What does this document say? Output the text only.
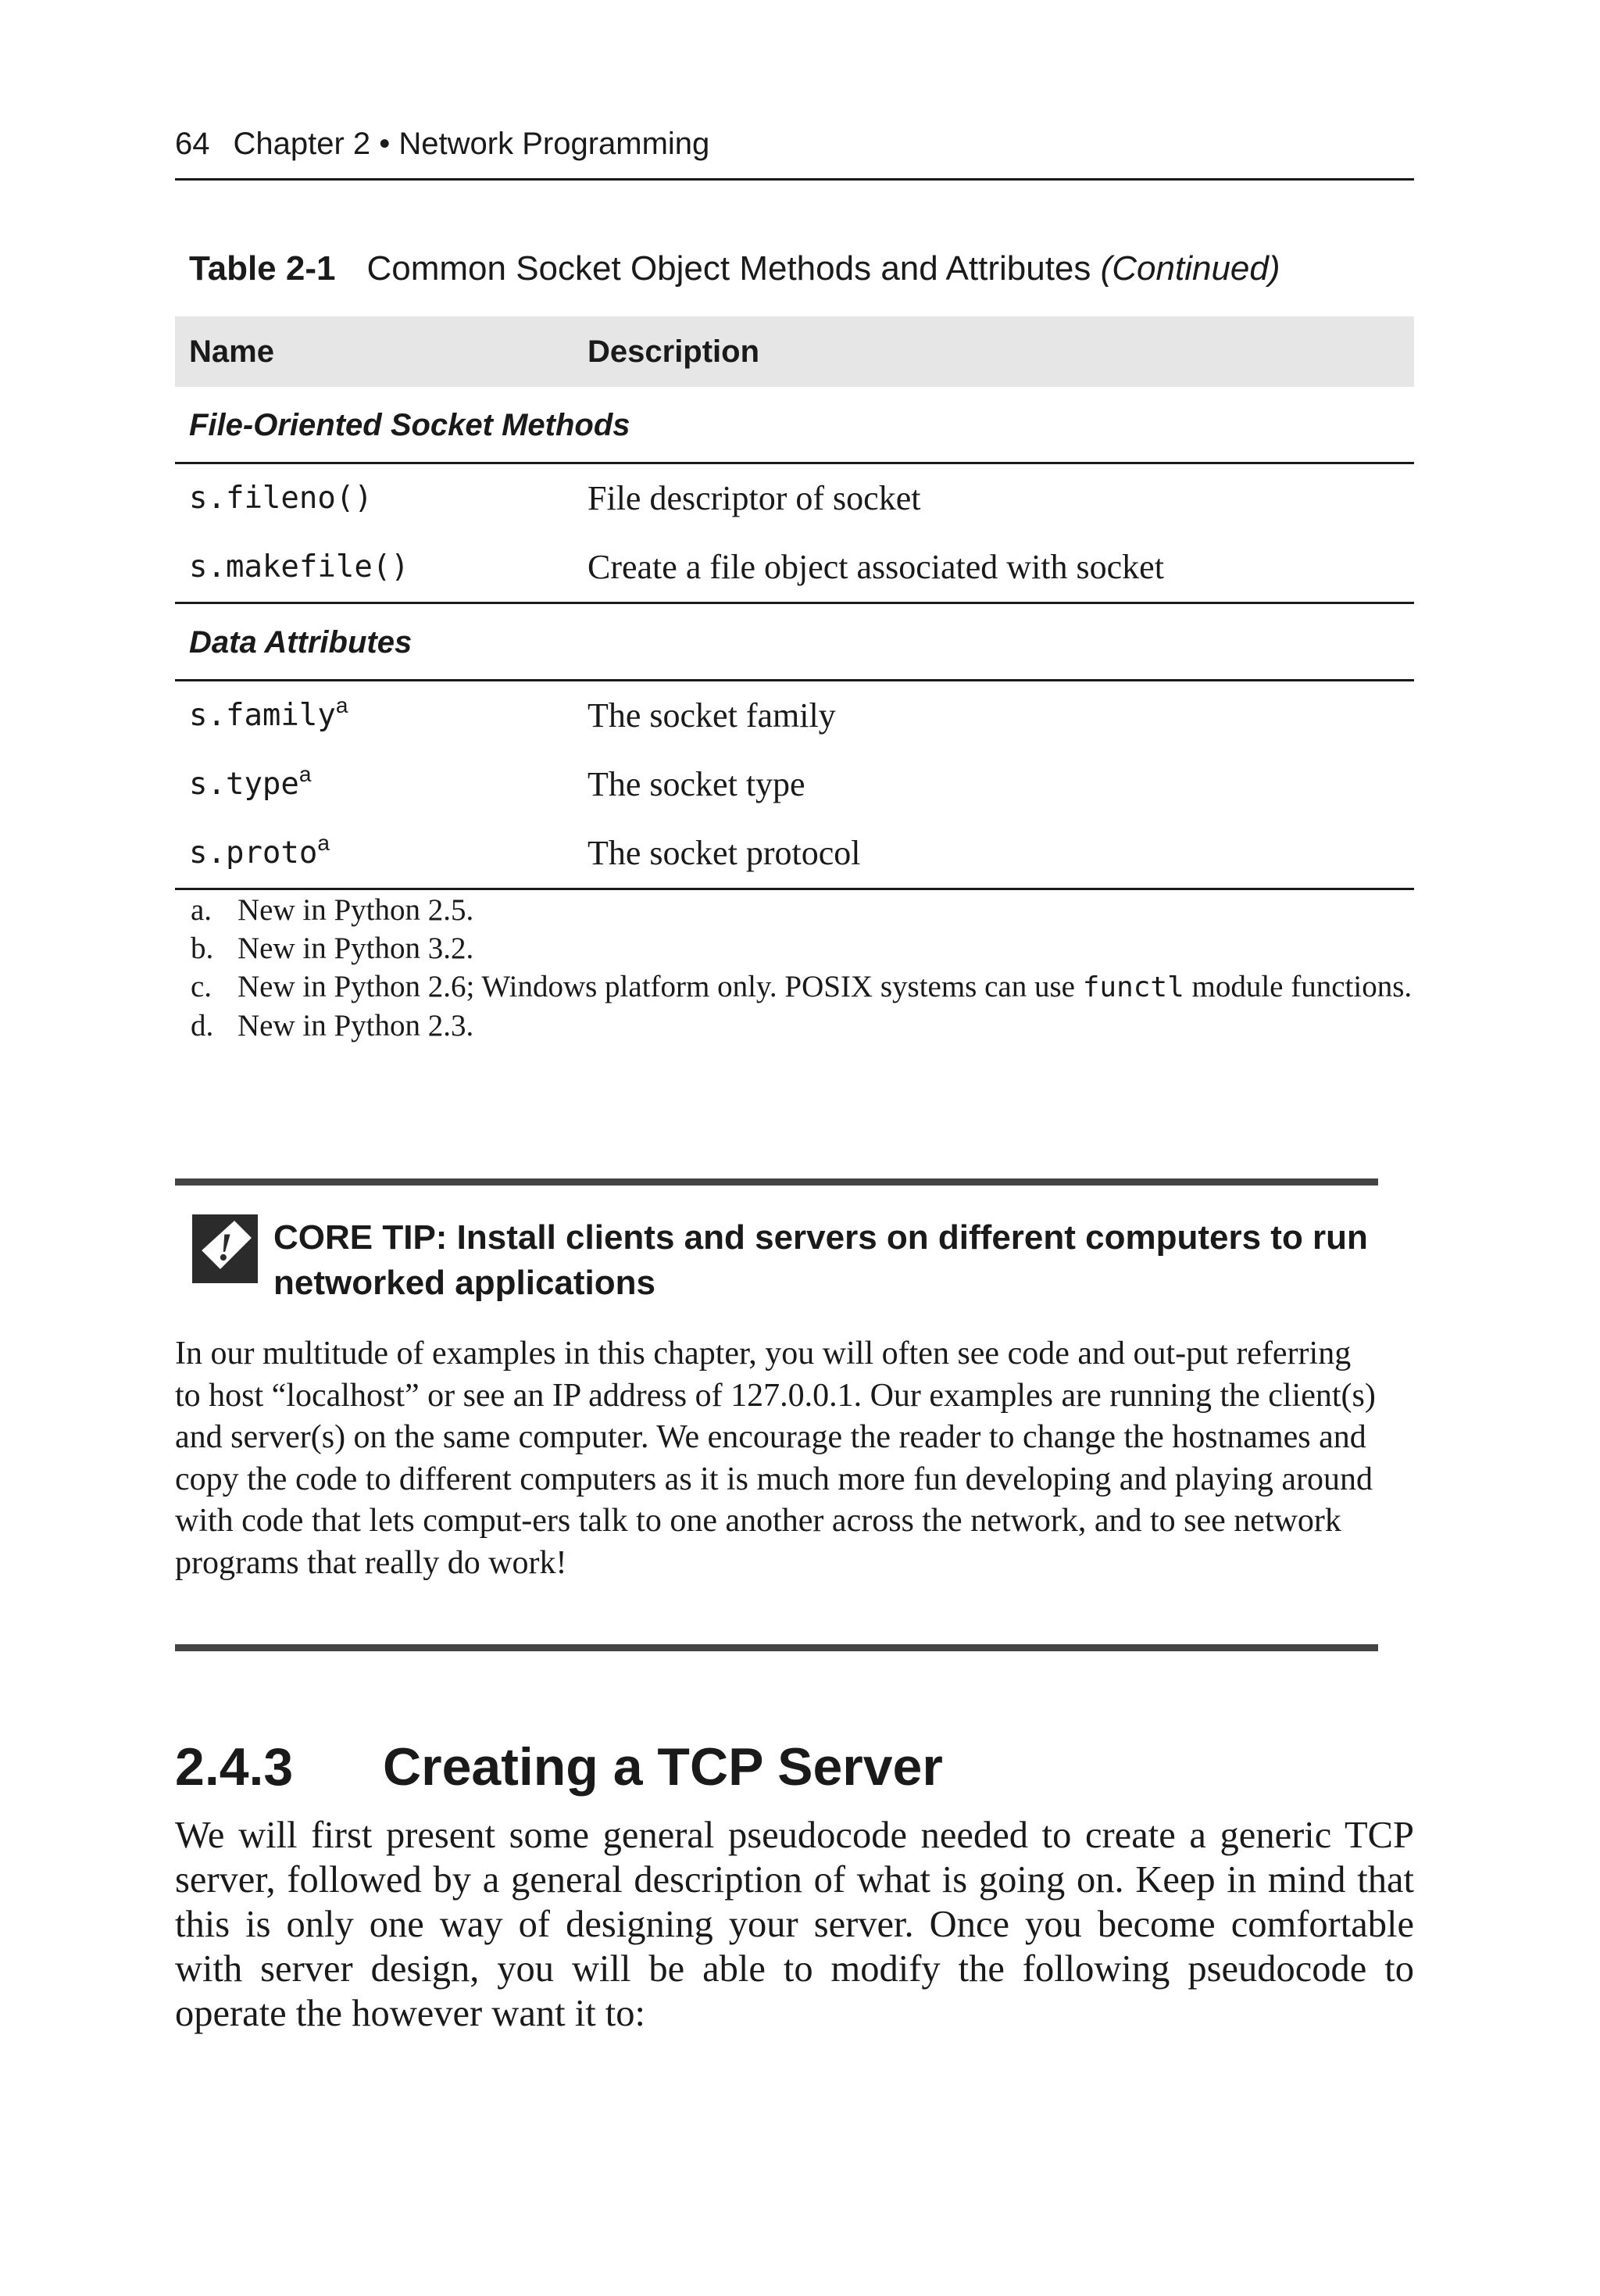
64 Chapter 2 • Network Programming
Table 2-1 Common Socket Object Methods and Attributes (Continued)
Name	Description
File-Oriented Socket Methods
s.fileno()	File descriptor of socket
s.makefile()	Create a file object associated with socket
Data Attributes
s.family$^a$	The socket family
s.type$^a$	The socket type
s.proto$^a$	The socket protocol
a. New in Python 2.5.
b. New in Python 3.2.
c. New in Python 2.6; Windows platform only. POSIX systems can use functl module functions.
d. New in Python 2.3.
! CORE TIP: Install clients and servers on different computers to run networked applications
In our multitude of examples in this chapter, you will often see code and out-put referring to host “localhost” or see an IP address of 127.0.0.1. Our examples are running the client(s) and server(s) on the same computer. We encourage the reader to change the hostnames and copy the code to different computers as it is much more fun developing and playing around with code that lets comput-ers talk to one another across the network, and to see network programs that really do work!
2.4.3 Creating a TCP Server
We will first present some general pseudocode needed to create a generic TCP server, followed by a general description of what is going on. Keep in mind that this is only one way of designing your server. Once you become comfortable with server design, you will be able to modify the following pseudocode to operate the however want it to:
